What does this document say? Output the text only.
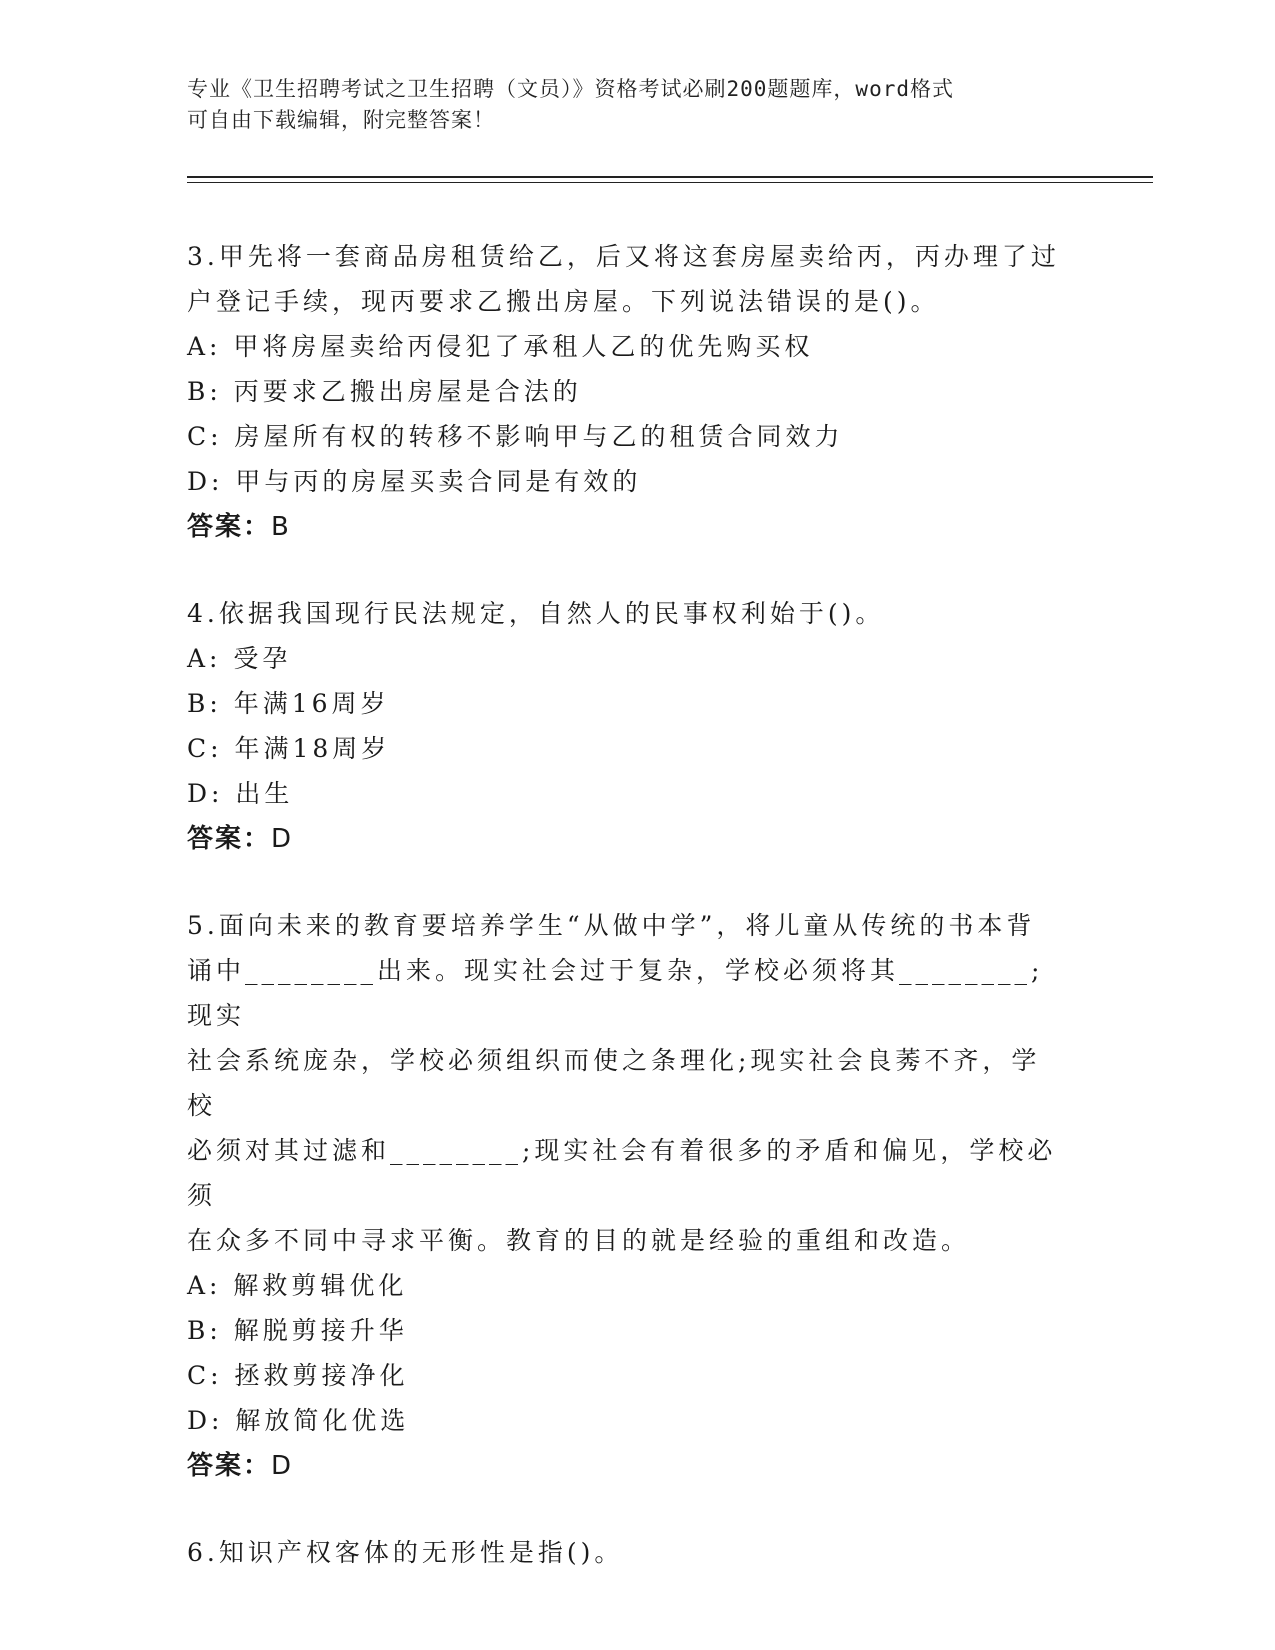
专业《卫生招聘考试之卫生招聘（文员）》资格考试必刷200题题库，word格式
可自由下载编辑，附完整答案！
3.甲先将一套商品房租赁给乙，后又将这套房屋卖给丙，丙办理了过
户登记手续，现丙要求乙搬出房屋。下列说法错误的是()。
A: 甲将房屋卖给丙侵犯了承租人乙的优先购买权
B: 丙要求乙搬出房屋是合法的
C: 房屋所有权的转移不影响甲与乙的租赁合同效力
D: 甲与丙的房屋买卖合同是有效的
答案：B
4.依据我国现行民法规定，自然人的民事权利始于()。
A: 受孕
B: 年满16周岁
C: 年满18周岁
D: 出生
答案：D
5.面向未来的教育要培养学生“从做中学”，将儿童从传统的书本背
诵中________出来。现实社会过于复杂，学校必须将其________;现实
社会系统庞杂，学校必须组织而使之条理化;现实社会良莠不齐，学校
必须对其过滤和________;现实社会有着很多的矛盾和偏见，学校必须
在众多不同中寻求平衡。教育的目的就是经验的重组和改造。
A: 解救剪辑优化
B: 解脱剪接升华
C: 拯救剪接净化
D: 解放简化优选
答案：D
6.知识产权客体的无形性是指()。
